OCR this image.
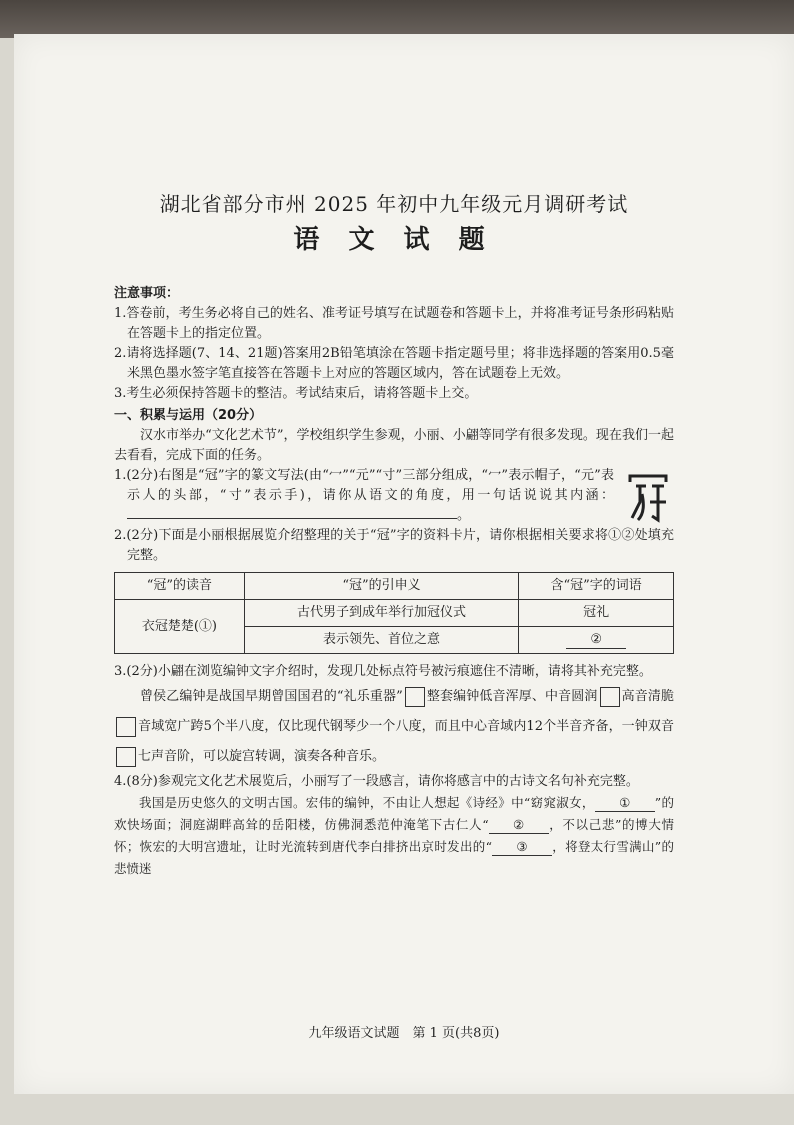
湖北省部分市州 2025 年初中九年级元月调研考试
语 文 试 题
注意事项：

1.答卷前，考生务必将自己的姓名、准考证号填写在试题卷和答题卡上，并将准考证号条形码粘贴在答题卡上的指定位置。

2.请将选择题(7、14、21题)答案用2B铅笔填涂在答题卡指定题号里；将非选择题的答案用0.5毫米黑色墨水签字笔直接答在答题卡上对应的答题区域内，答在试题卷上无效。

3.考生必须保持答题卡的整洁。考试结束后，请将答题卡上交。

一、积累与运用（20分）

汉水市举办“文化艺术节”，学校组织学生参观，小丽、小翩等同学有很多发现。现在我们一起去看看，完成下面的任务。

1.(2分)右图是“冠”字的篆文写法(由“冖”“元”“寸”三部分组成，“冖”表示帽子，“元”表示人的头部，“寸”表示手)，请你从语文的角度，用一句话说说其内涵： 。

2.(2分)下面是小丽根据展览介绍整理的关于“冠”字的资料卡片，请你根据相关要求将①②处填充完整。

“冠”的读音	“冠”的引申义	含“冠”字的词语
衣冠楚楚(①)	古代男子到成年举行加冠仪式	冠礼
	表示领先、首位之意	②

3.(2分)小翩在浏览编钟文字介绍时，发现几处标点符号被污痕遮住不清晰，请将其补充完整。

曾侯乙编钟是战国早期曾国国君的“礼乐重器” 整套编钟低音浑厚、中音圆润 高音清脆音域宽广跨5个半八度，仅比现代钢琴少一个八度，而且中心音域内12个半音齐备，一钟双音七声音阶，可以旋宫转调，演奏各种音乐。

4.(8分)参观完文化艺术展览后，小丽写了一段感言，请你将感言中的古诗文名句补充完整。

我国是历史悠久的文明古国。宏伟的编钟，不由让人想起《诗经》中“窈窕淑女， ① ”的欢快场面；洞庭湖畔高耸的岳阳楼，仿佛洞悉范仲淹笔下古仁人“ ② ，不以己悲”的博大情怀；恢宏的大明宫遗址，让时光流转到唐代李白排挤出京时发出的“ ③ ，将登太行雪满山”的悲愤迷

九年级语文试题　第 1 页(共8页)
